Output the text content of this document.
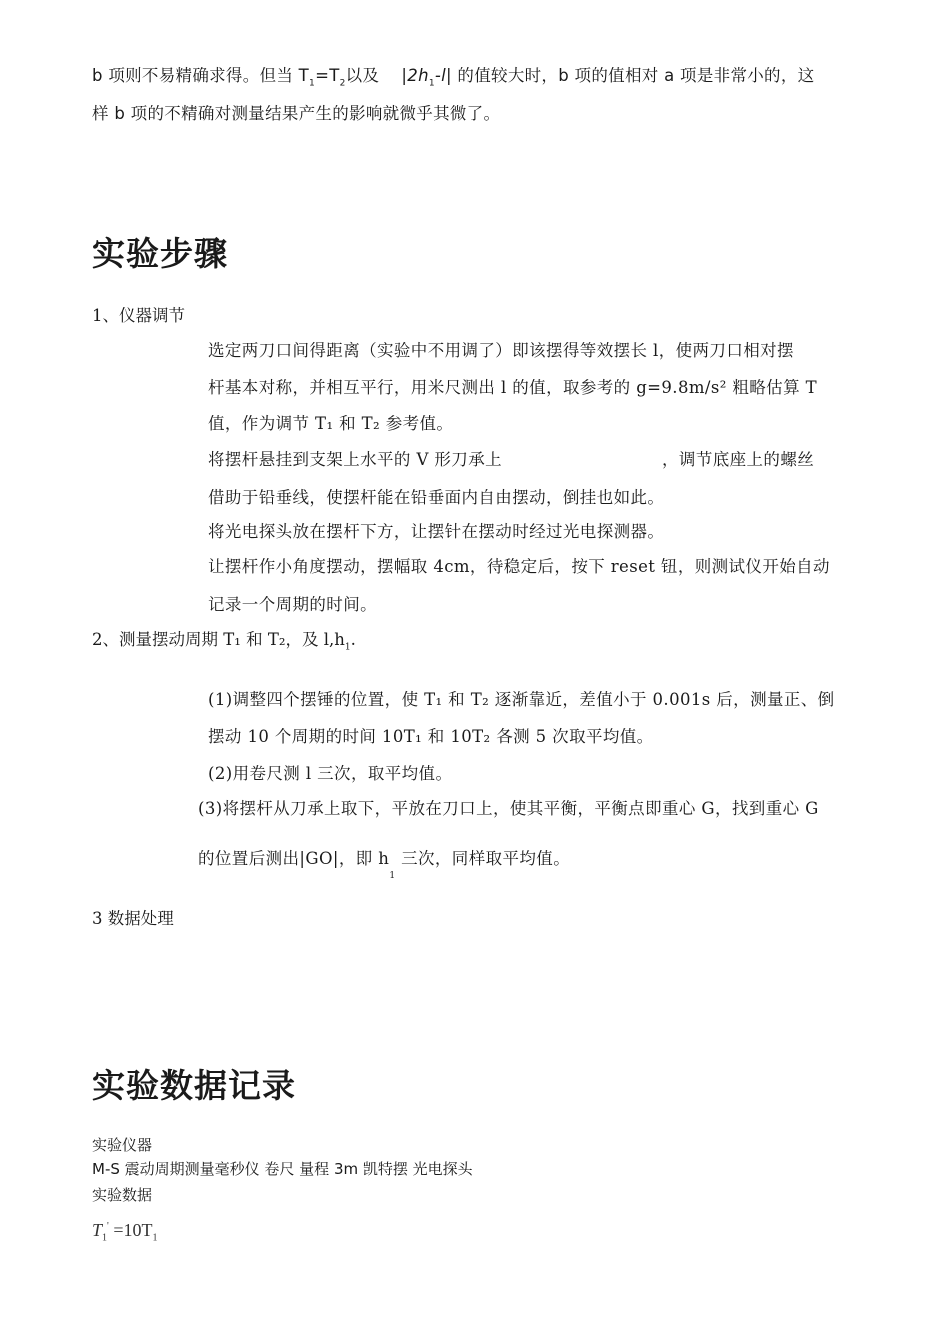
b 项则不易精确求得。但当 $T_1=T_2$以及 $|2h_1-l|$ 的值较大时，b 项的值相对 a 项是非常小的，这
样 b 项的不精确对测量结果产生的影响就微乎其微了。
实验步骤
1、仪器调节
选定两刀口间得距离（实验中不用调了）即该摆得等效摆长 l，使两刀口相对摆
杆基本对称，并相互平行，用米尺测出 l 的值，取参考的 g=9.8m/s² 粗略估算 T
值，作为调节 T₁ 和 T₂ 参考值。
将摆杆悬挂到支架上水平的 V 形刀承上	，调节底座上的螺丝
借助于铅垂线，使摆杆能在铅垂面内自由摆动，倒挂也如此。
将光电探头放在摆杆下方，让摆针在摆动时经过光电探测器。
让摆杆作小角度摆动，摆幅取 4cm，待稳定后，按下 reset 钮，则测试仪开始自动
记录一个周期的时间。
2、测量摆动周期 T₁ 和 T₂，及 $l,h_1$.
(1)调整四个摆锤的位置，使 T₁ 和 T₂ 逐渐靠近，差值小于 0.001s 后，测量正、倒
摆动 10 个周期的时间 10T₁ 和 10T₂ 各测 5 次取平均值。
(2)用卷尺测 l 三次，取平均值。
(3)将摆杆从刀承上取下，平放在刀口上，使其平衡，平衡点即重心 G，找到重心 G
的位置后测出|GO|，即 $h_1$ 三次，同样取平均值。
3 数据处理
实验数据记录
实验仪器
M-S 震动周期测量毫秒仪 卷尺 量程 3m 凯特摆 光电探头
实验数据
$T_1' =10T_1$
